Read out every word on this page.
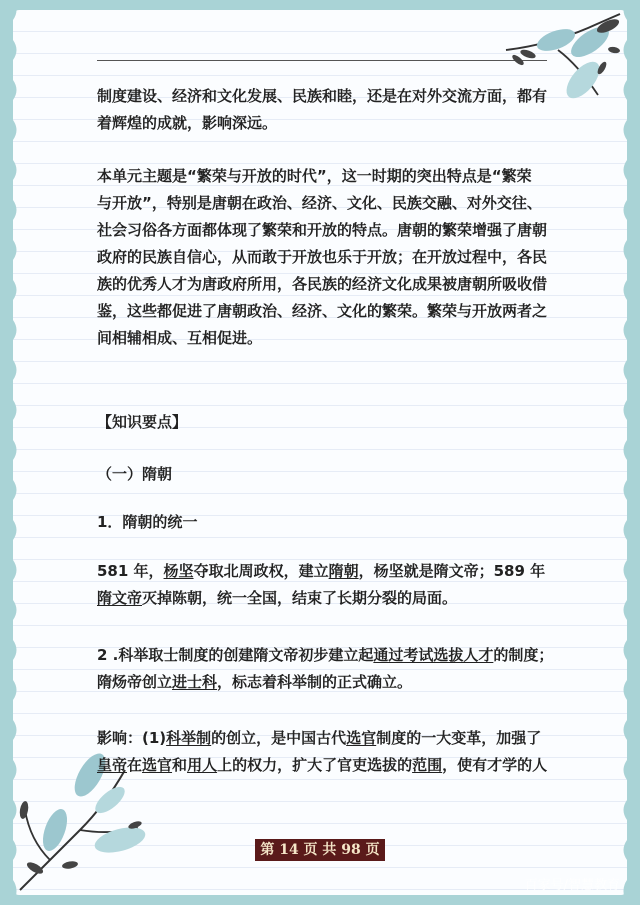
制度建设、经济和文化发展、民族和睦，还是在对外交流方面，都有
着辉煌的成就，影响深远。
本单元主题是“繁荣与开放的时代”，这一时期的突出特点是“繁荣
与开放”，特别是唐朝在政治、经济、文化、民族交融、对外交往、
社会习俗各方面都体现了繁荣和开放的特点。唐朝的繁荣增强了唐朝
政府的民族自信心，从而敢于开放也乐于开放；在开放过程中，各民
族的优秀人才为唐政府所用，各民族的经济文化成果被唐朝所吸收借
鉴，这些都促进了唐朝政治、经济、文化的繁荣。繁荣与开放两者之
间相辅相成、互相促进。
【知识要点】
（一）隋朝
1．隋朝的统一
581 年，杨坚夺取北周政权，建立隋朝，杨坚就是隋文帝；589 年
隋文帝灭掉陈朝，统一全国，结束了长期分裂的局面。
2 .科举取士制度的创建隋文帝初步建立起通过考试选拔人才的制度；
隋炀帝创立进士科，标志着科举制的正式确立。
影响：(1)科举制的创立，是中国古代选官制度的一大变革，加强了
皇帝在选官和用人上的权力，扩大了官吏选拔的范围，使有才学的人
第 14 页 共 98 页
百家号/智慧教育
